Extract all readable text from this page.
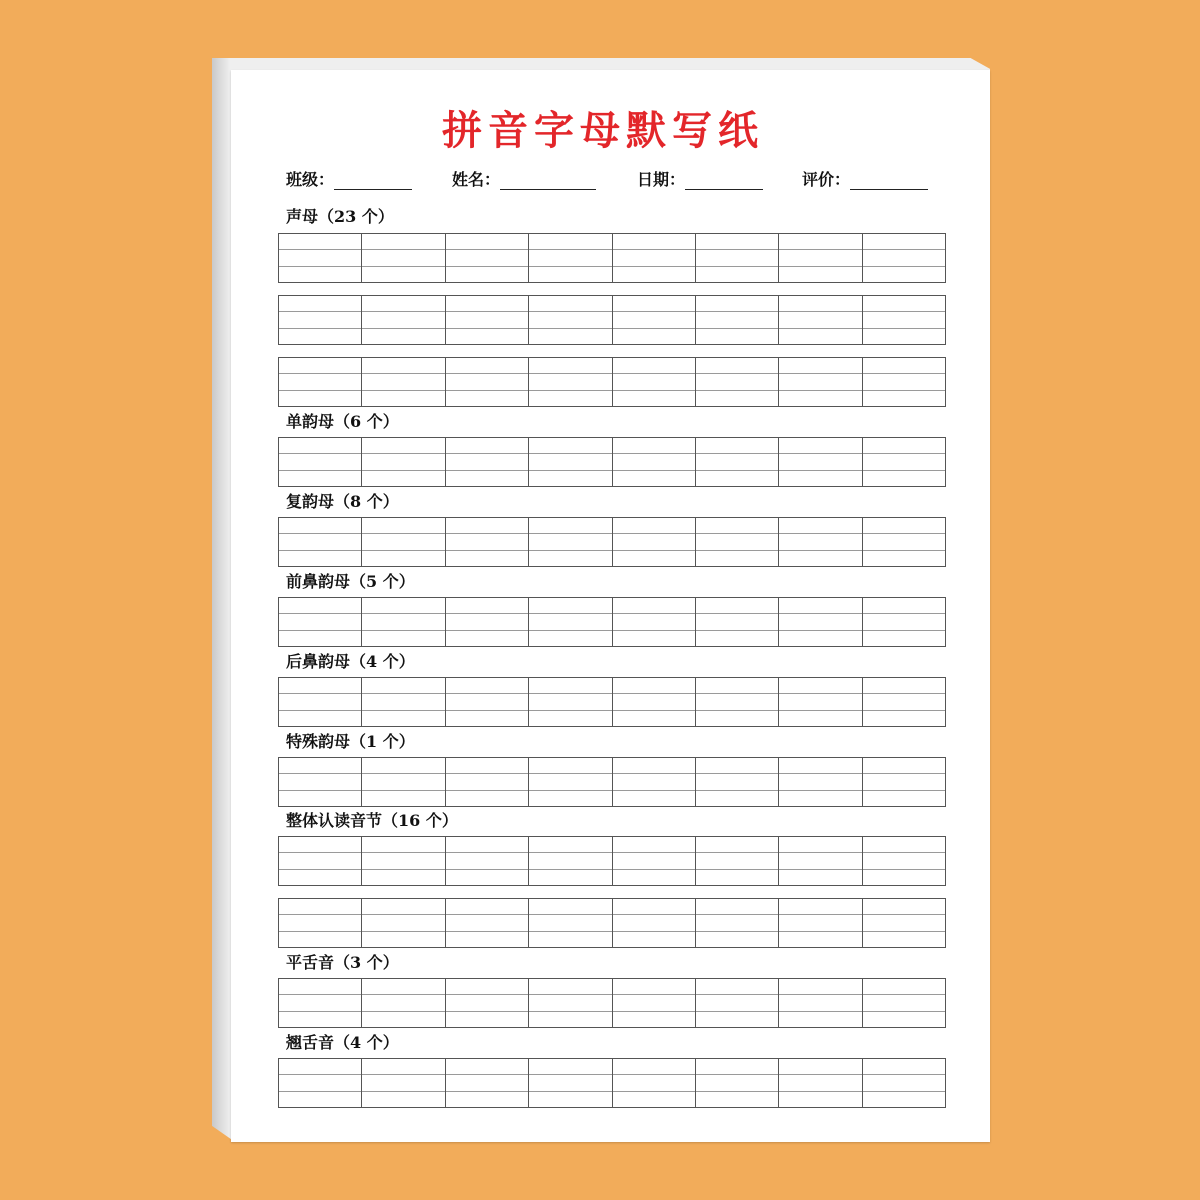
拼音字母默写纸
班级：	姓名：	日期：	评价：
声母（23 个）
单韵母（6 个）
复韵母（8 个）
前鼻韵母（5 个）
后鼻韵母（4 个）
特殊韵母（1 个）
整体认读音节（16 个）
平舌音（3 个）
翘舌音（4 个）
